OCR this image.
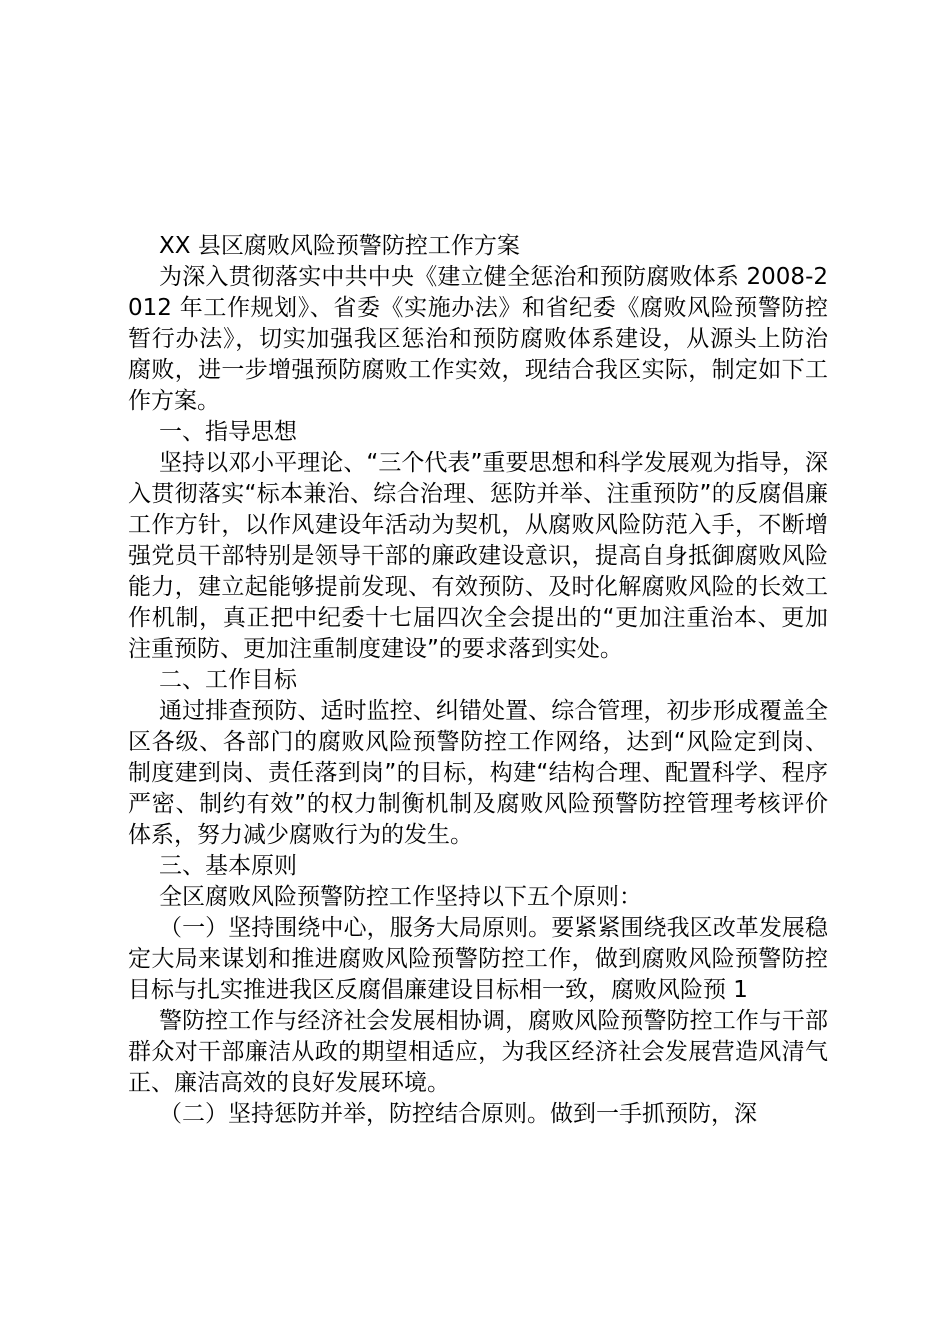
XX 县区腐败风险预警防控工作方案

为深入贯彻落实中共中央《建立健全惩治和预防腐败体系 2008-2012 年工作规划》、省委《实施办法》和省纪委《腐败风险预警防控暂行办法》，切实加强我区惩治和预防腐败体系建设，从源头上防治腐败，进一步增强预防腐败工作实效，现结合我区实际，制定如下工作方案。

一、指导思想

坚持以邓小平理论、“三个代表”重要思想和科学发展观为指导，深入贯彻落实“标本兼治、综合治理、惩防并举、注重预防”的反腐倡廉工作方针，以作风建设年活动为契机，从腐败风险防范入手，不断增强党员干部特别是领导干部的廉政建设意识，提高自身抵御腐败风险能力，建立起能够提前发现、有效预防、及时化解腐败风险的长效工作机制，真正把中纪委十七届四次全会提出的“更加注重治本、更加注重预防、更加注重制度建设”的要求落到实处。

二、工作目标

通过排查预防、适时监控、纠错处置、综合管理，初步形成覆盖全区各级、各部门的腐败风险预警防控工作网络，达到“风险定到岗、制度建到岗、责任落到岗”的目标，构建“结构合理、配置科学、程序严密、制约有效”的权力制衡机制及腐败风险预警防控管理考核评价体系，努力减少腐败行为的发生。

三、基本原则

全区腐败风险预警防控工作坚持以下五个原则：

（一）坚持围绕中心，服务大局原则。要紧紧围绕我区改革发展稳定大局来谋划和推进腐败风险预警防控工作，做到腐败风险预警防控目标与扎实推进我区反腐倡廉建设目标相一致，腐败风险预 1

警防控工作与经济社会发展相协调，腐败风险预警防控工作与干部群众对干部廉洁从政的期望相适应，为我区经济社会发展营造风清气正、廉洁高效的良好发展环境。

（二）坚持惩防并举，防控结合原则。做到一手抓预防，深
